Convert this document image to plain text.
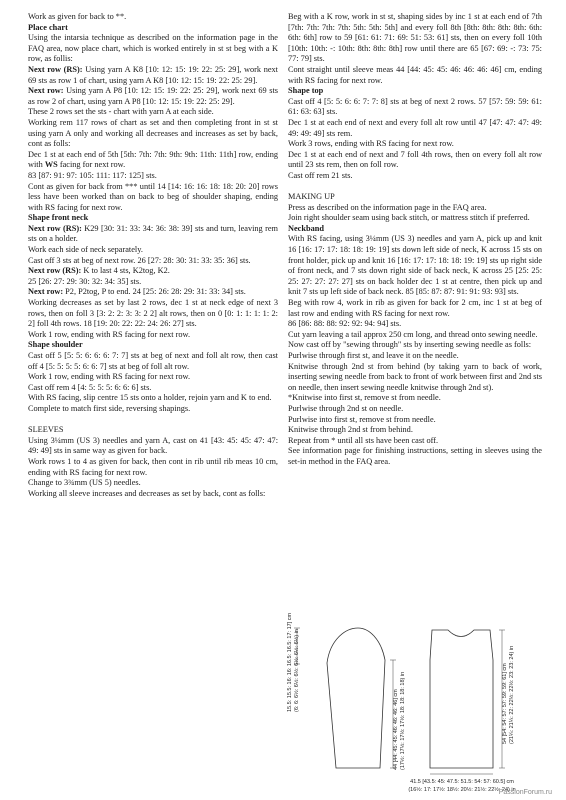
Work as given for back to **.

Place chart

Using the intarsia technique as described on the information page in the FAQ area, now place chart, which is worked entirely in st st beg with a K row, as follis:

Next row (RS): Using yarn A K8 [10: 12: 15: 19: 22: 25: 29], work next 69 sts as row 1 of chart, using yarn A K8 [10: 12: 15: 19: 22: 25: 29].

Next row: Using yarn A P8 [10: 12: 15: 19: 22: 25: 29], work next 69 sts as row 2 of chart, using yarn A P8 [10: 12: 15: 19: 22: 25: 29].

These 2 rows set the sts - chart with yarn A at each side.

Working rem 117 rows of chart as set and then completing front in st st using yarn A only and working all decreases and increases as set by back, cont as folls:

Dec 1 st at each end of 5th [5th: 7th: 7th: 9th: 9th: 11th: 11th] row, ending with WS facing for next row.

83 [87: 91: 97: 105: 111: 117: 125] sts.

Cont as given for back from *** until 14 [14: 16: 16: 18: 18: 20: 20] rows less have been worked than on back to beg of shoulder shaping, ending with RS facing for next row.

Shape front neck

Next row (RS): K29 [30: 31: 33: 34: 36: 38: 39] sts and turn, leaving rem sts on a holder.

Work each side of neck separately.

Cast off 3 sts at beg of next row. 26 [27: 28: 30: 31: 33: 35: 36] sts.

Next row (RS): K to last 4 sts, K2tog, K2.

25 [26: 27: 29: 30: 32: 34: 35] sts.

Next row: P2, P2tog, P to end. 24 [25: 26: 28: 29: 31: 33: 34] sts.

Working decreases as set by last 2 rows, dec 1 st at neck edge of next 3 rows, then on foll 3 [3: 2: 2: 3: 3: 2 2] alt rows, then on 0 [0: 1: 1: 1: 1: 2: 2] foll 4th rows. 18 [19: 20: 22: 22: 24: 26: 27] sts.

Work 1 row, ending with RS facing for next row.

Shape shoulder

Cast off 5 [5: 5: 6: 6: 6: 7: 7] sts at beg of next and foll alt row, then cast off 4 [5: 5: 5: 5: 6: 6: 7] sts at beg of foll alt row.

Work 1 row, ending with RS facing for next row.

Cast off rem 4 [4: 5: 5: 5: 6: 6: 6] sts.

With RS facing, slip centre 15 sts onto a holder, rejoin yarn and K to end.

Complete to match first side, reversing shapings.

SLEEVES

Using 3¼mm (US 3) needles and yarn A, cast on 41 [43: 45: 45: 47: 47: 49: 49] sts in same way as given for back.

Work rows 1 to 4 as given for back, then cont in rib until rib meas 10 cm, ending with RS facing for next row.

Change to 3¾mm (US 5) needles.

Working all sleeve increases and decreases as set by back, cont as folls:

Beg with a K row, work in st st, shaping sides by inc 1 st at each end of 7th [7th: 7th: 7th: 7th: 5th: 5th: 5th] and every foll 8th [8th: 8th: 8th: 8th: 6th: 6th: 6th] row to 59 [61: 61: 71: 69: 51: 53: 61] sts, then on every foll 10th [10th: 10th: -: 10th: 8th: 8th: 8th] row until there are 65 [67: 69: -: 73: 75: 77: 79] sts.

Cont straight until sleeve meas 44 [44: 45: 45: 46: 46: 46: 46] cm, ending with RS facing for next row.

Shape top

Cast off 4 [5: 5: 6: 6: 7: 7: 8] sts at beg of next 2 rows. 57 [57: 59: 59: 61: 61: 63: 63] sts.

Dec 1 st at each end of next and every foll alt row until 47 [47: 47: 47: 49: 49: 49: 49] sts rem.

Work 3 rows, ending with RS facing for next row.

Dec 1 st at each end of next and 7 foll 4th rows, then on every foll alt row until 23 sts rem, then on foll row.

Cast off rem 21 sts.

MAKING UP

Press as described on the information page in the FAQ area.

Join right shoulder seam using back stitch, or mattress stitch if preferred.

Neckband

With RS facing, using 3¼mm (US 3) needles and yarn A, pick up and knit 16 [16: 17: 17: 18: 18: 19: 19] sts down left side of neck, K across 15 sts on front holder, pick up and knit 16 [16: 17: 17: 18: 18: 19: 19] sts up right side of front neck, and 7 sts down right side of back neck, K across 25 [25: 25: 25: 27: 27: 27: 27] sts on back holder dec 1 st at centre, then pick up and knit 7 sts up left side of back neck. 85 [85: 87: 87: 91: 91: 93: 93] sts.

Beg with row 4, work in rib as given for back for 2 cm, inc 1 st at beg of last row and ending with RS facing for next row.

86 [86: 88: 88: 92: 92: 94: 94] sts.

Cut yarn leaving a tail approx 250 cm long, and thread onto sewing needle.

Now cast off by "sewing through" sts by inserting sewing needle as folls:

Purlwise through first st, and leave it on the needle.

Knitwise through 2nd st from behind (by taking yarn to back of work, inserting sewing needle from back to front of work between first and 2nd sts on needle, then insert sewing needle knitwise through 2nd st).

*Knitwise into first st, remove st from needle.

Purlwise through 2nd st on needle.

Purlwise into first st, remove st from needle.

Knitwise through 2nd st from behind.

Repeat from * until all sts have been cast off.

See information page for finishing instructions, setting in sleeves using the set-in method in the FAQ area.

15.5: 15.5: 16: 16: 16.5: 16.5: 17: 17] cm (6: 6: 6½: 6½: 6½: 6½: 6½: 6½) in
44 [44: 45: 45: 46: 46: 46: 46] cm (17½: 17½: 17½: 17½: 18: 18: 18: 18) in	54 [54: 54: 57: 57: 59: 59: 61] cm (21¼: 21¼: 22: 22½: 22½: 23: 23: 24) in
41.5 [43.5: 45: 47.5: 51.5: 54: 57: 60.5] cm
(16½: 17: 17½: 18½: 20½: 21½: 22½: 24) in
PassionForum.ru
